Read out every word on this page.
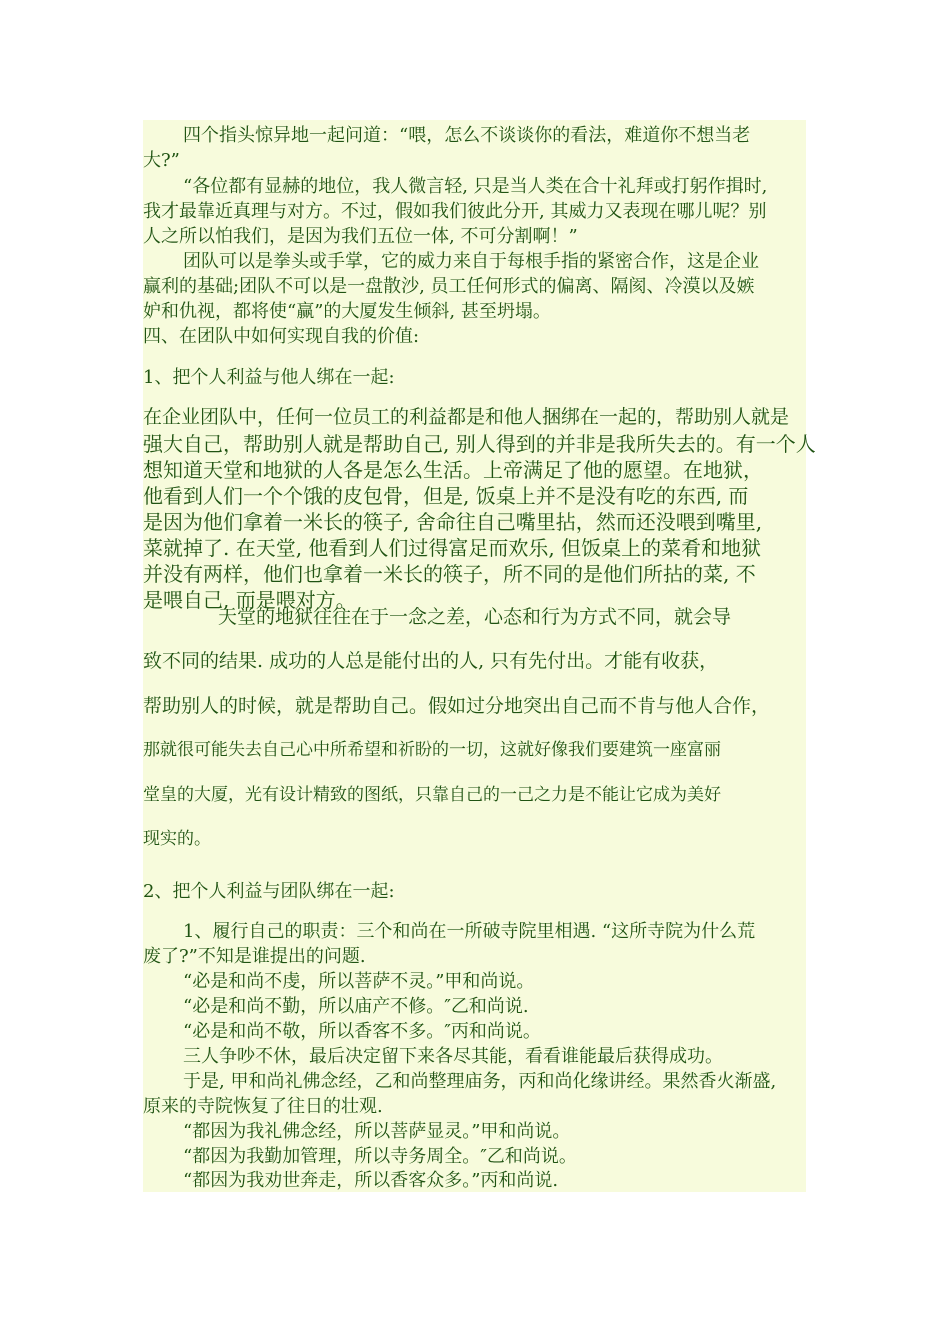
四个指头惊异地一起问道：“喂，怎么不谈谈你的看法，难道你不想当老
大?”
“各位都有显赫的地位，我人微言轻, 只是当人类在合十礼拜或打躬作揖时,
我才最靠近真理与对方。不过，假如我们彼此分开, 其威力又表现在哪儿呢？别
人之所以怕我们，是因为我们五位一体, 不可分割啊！”
团队可以是拳头或手掌，它的威力来自于每根手指的紧密合作，这是企业
赢利的基础;团队不可以是一盘散沙, 员工任何形式的偏离、隔阂、冷漠以及嫉
妒和仇视，都将使“赢”的大厦发生倾斜, 甚至坍塌。
四、在团队中如何实现自我的价值:
1、把个人利益与他人绑在一起:
在企业团队中，任何一位员工的利益都是和他人捆绑在一起的，帮助别人就是
强大自己，帮助别人就是帮助自己, 别人得到的并非是我所失去的。有一个人
想知道天堂和地狱的人各是怎么生活。上帝满足了他的愿望。在地狱，
他看到人们一个个饿的皮包骨，但是, 饭桌上并不是没有吃的东西, 而
是因为他们拿着一米长的筷子, 舍命往自己嘴里拈，然而还没喂到嘴里,
菜就掉了. 在天堂, 他看到人们过得富足而欢乐, 但饭桌上的菜肴和地狱
并没有两样，他们也拿着一米长的筷子，所不同的是他们所拈的菜, 不
是喂自己, 而是喂对方。
天堂的地狱往往在于一念之差，心态和行为方式不同，就会导
致不同的结果. 成功的人总是能付出的人, 只有先付出。才能有收获，
帮助别人的时候，就是帮助自己。假如过分地突出自己而不肯与他人合作，
那就很可能失去自己心中所希望和祈盼的一切，这就好像我们要建筑一座富丽
堂皇的大厦，光有设计精致的图纸，只靠自己的一己之力是不能让它成为美好
现实的。
2、把个人利益与团队绑在一起:
1、履行自己的职责：三个和尚在一所破寺院里相遇. “这所寺院为什么荒
废了?”不知是谁提出的问题.
“必是和尚不虔，所以菩萨不灵。”甲和尚说。
“必是和尚不勤，所以庙产不修。″乙和尚说.
“必是和尚不敬，所以香客不多。″丙和尚说。
三人争吵不休，最后决定留下来各尽其能，看看谁能最后获得成功。
于是, 甲和尚礼佛念经，乙和尚整理庙务，丙和尚化缘讲经。果然香火渐盛,
原来的寺院恢复了往日的壮观.
“都因为我礼佛念经，所以菩萨显灵。”甲和尚说。
“都因为我勤加管理，所以寺务周全。″乙和尚说。
“都因为我劝世奔走，所以香客众多。”丙和尚说.
